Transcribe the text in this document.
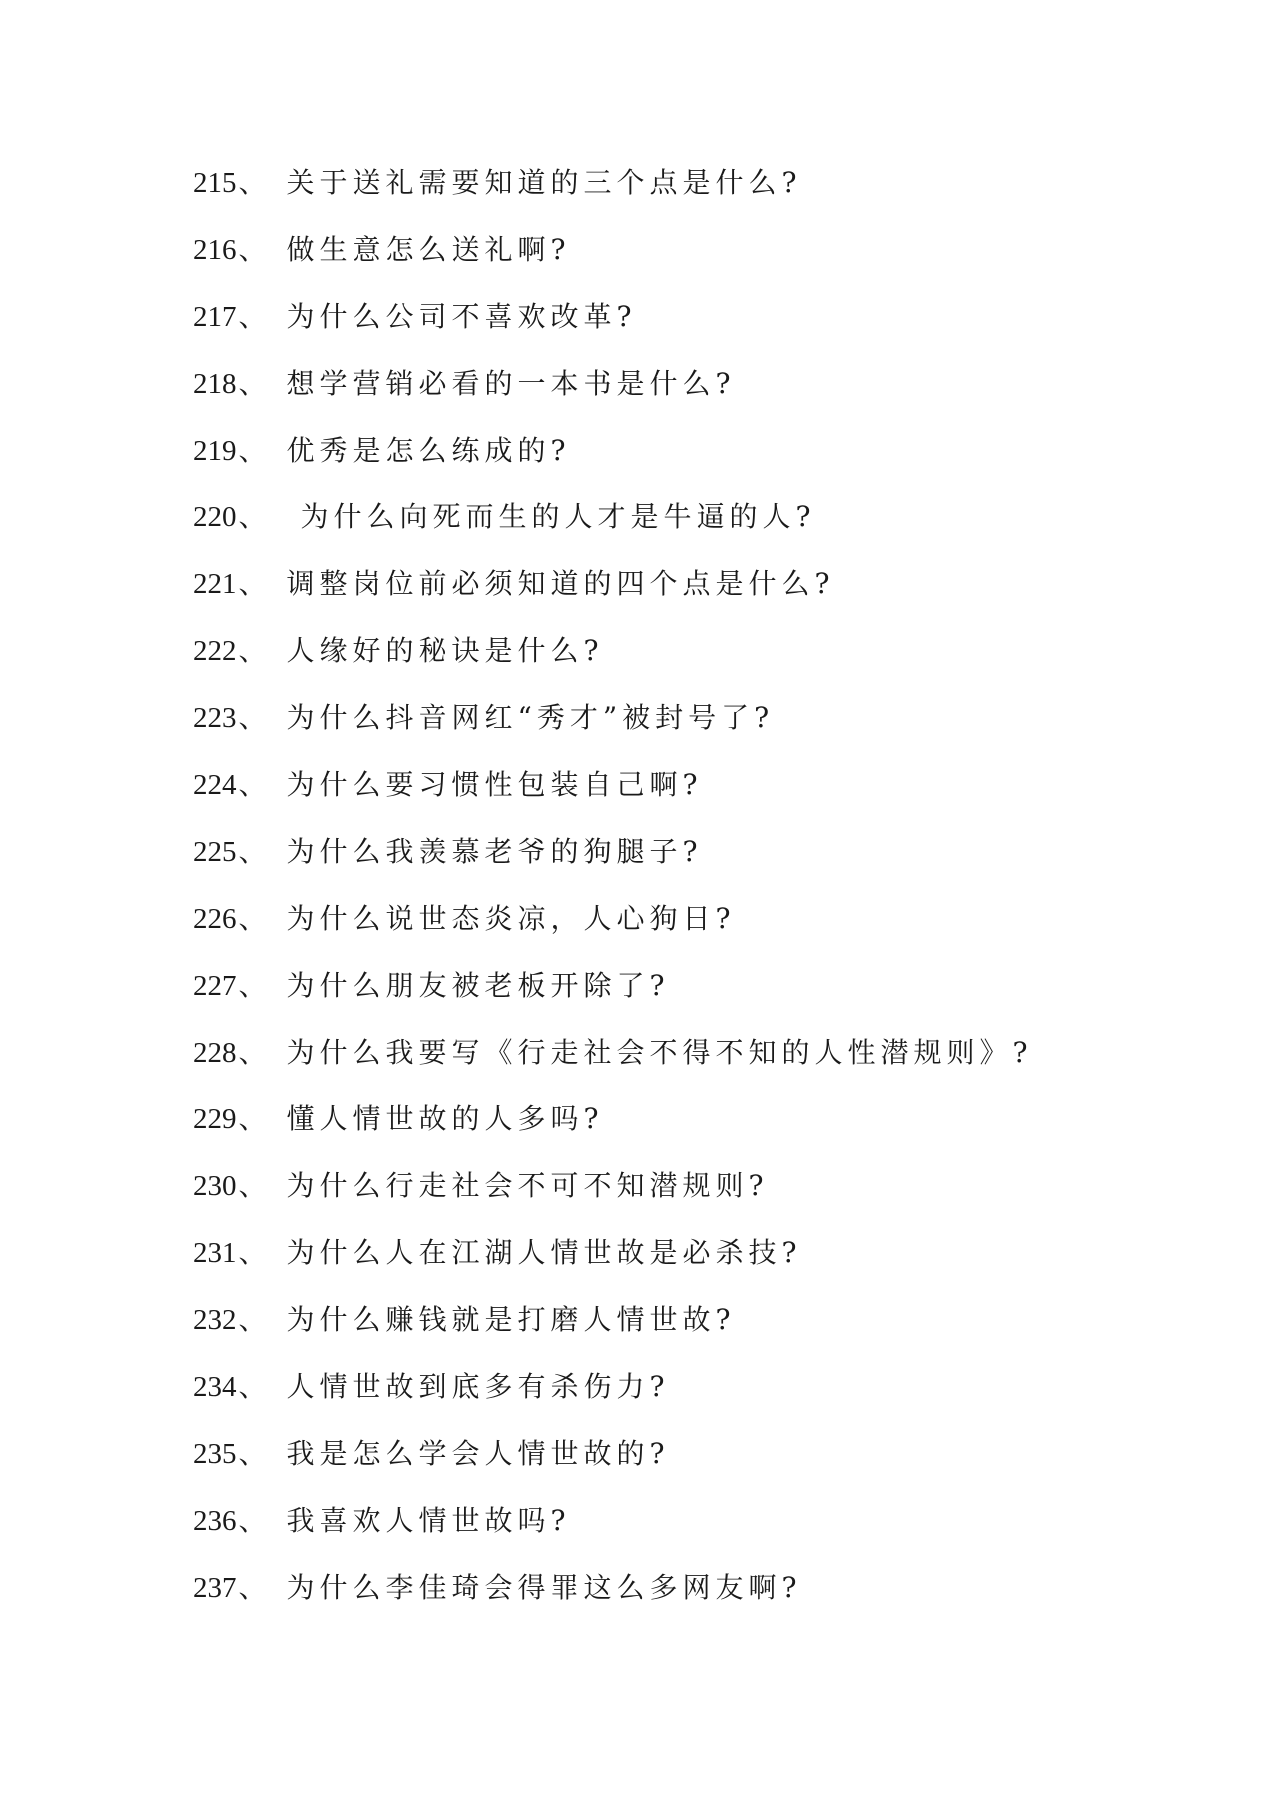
215 、 关于送礼需要知道的三个点是什么?
216 、 做生意怎么送礼啊?
217 、 为什么公司不喜欢改革?
218 、 想学营销必看的一本书是什么?
219 、 优秀是怎么练成的?
220 、 为什么向死而生的人才是牛逼的人?
221 、 调整岗位前必须知道的四个点是什么?
222 、 人缘好的秘诀是什么?
223 、 为什么抖音网红“秀才”被封号了?
224 、 为什么要习惯性包装自己啊?
225 、 为什么我羡慕老爷的狗腿子?
226 、 为什么说世态炎凉，人心狗日?
227 、 为什么朋友被老板开除了?
228 、 为什么我要写《行走社会不得不知的人性潜规则》?
229 、 懂人情世故的人多吗?
230 、 为什么行走社会不可不知潜规则?
231 、 为什么人在江湖人情世故是必杀技?
232 、 为什么赚钱就是打磨人情世故?
234 、 人情世故到底多有杀伤力?
235 、 我是怎么学会人情世故的?
236 、 我喜欢人情世故吗?
237 、 为什么李佳琦会得罪这么多网友啊?
